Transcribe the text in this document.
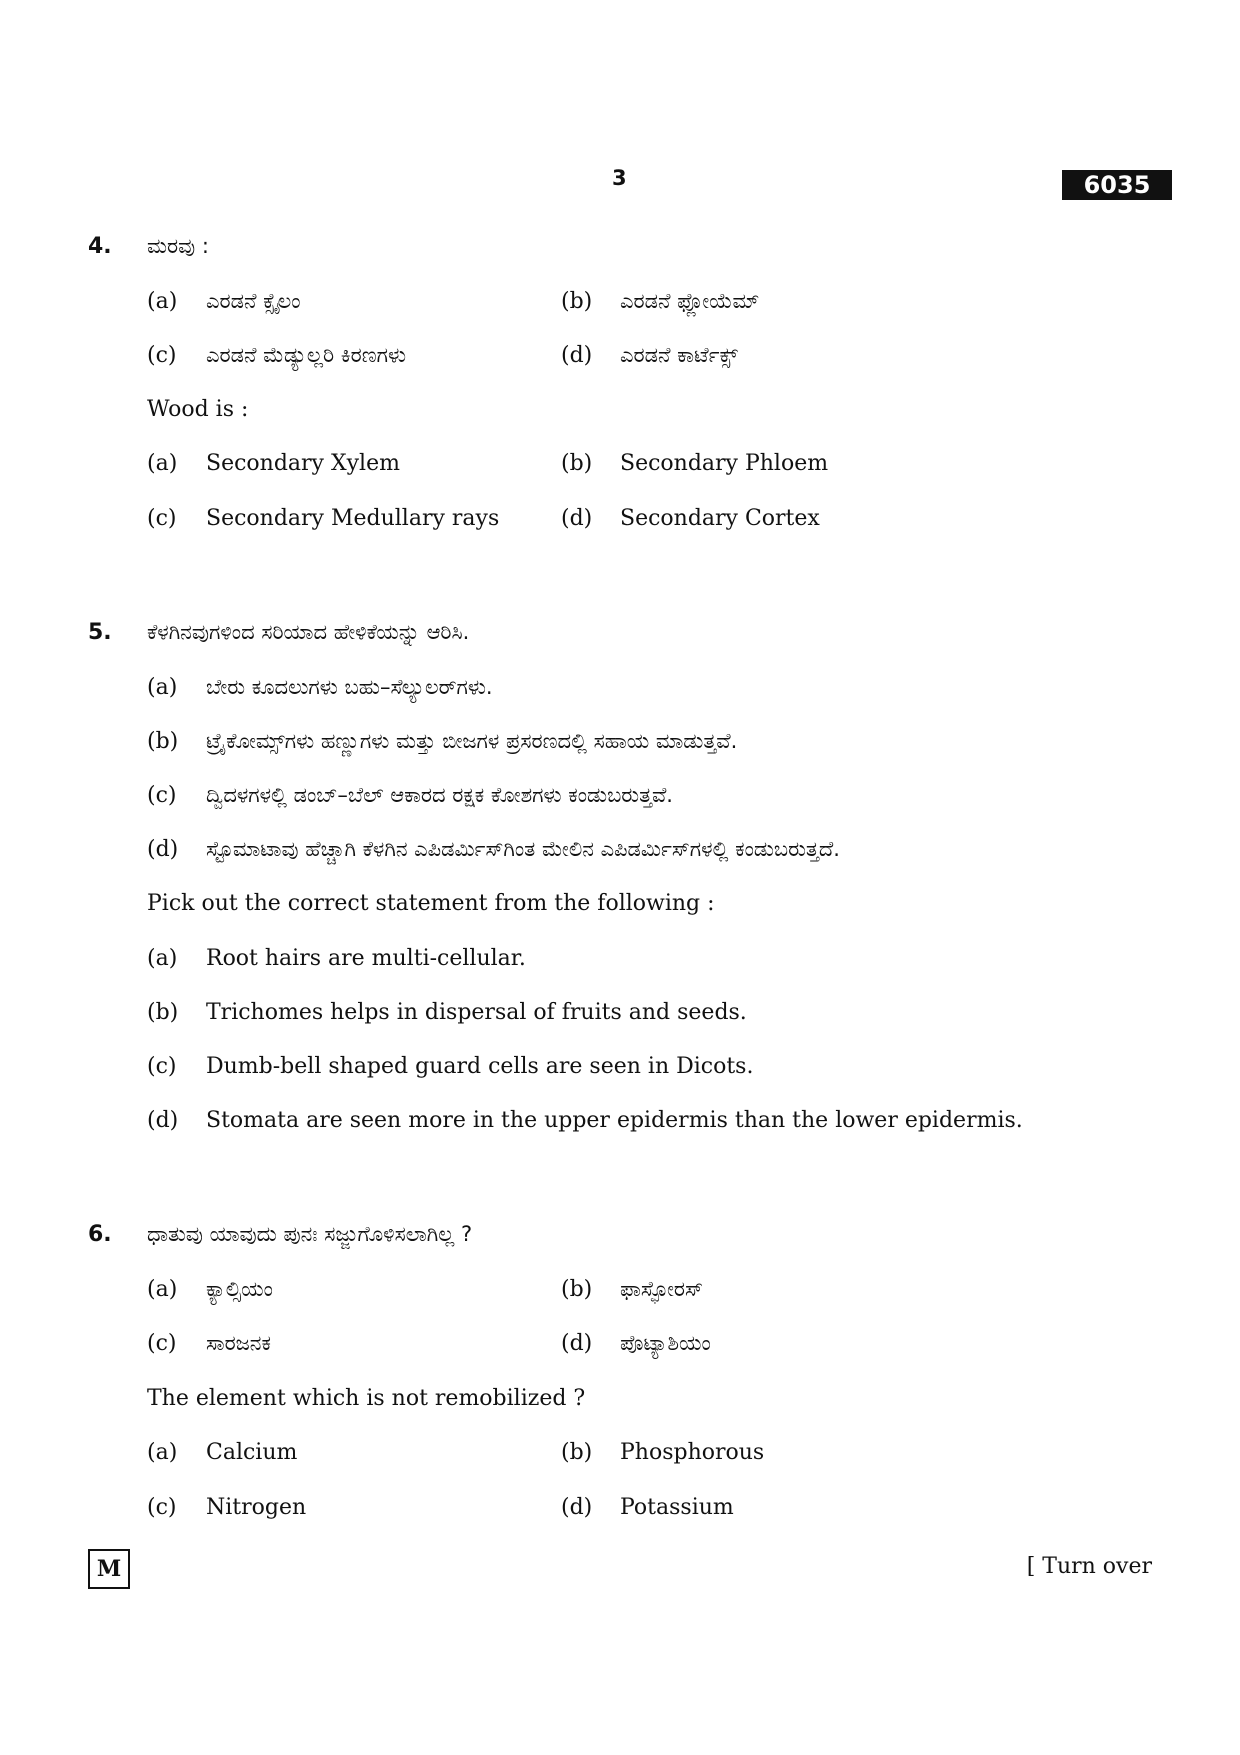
3	6035
4. ಮರವು :
(a) ಎರಡನೆ ಕ್ಸೈಲಂ	(b) ಎರಡನೆ ಫ್ಲೋಯೆಮ್
(c) ಎರಡನೆ ಮೆಡ್ಯುಲ್ಲರಿ ಕಿರಣಗಳು	(d) ಎರಡನೆ ಕಾರ್ಟೆಕ್ಸ್
Wood is :
(a) Secondary Xylem	(b) Secondary Phloem
(c) Secondary Medullary rays	(d) Secondary Cortex
5. ಕೆಳಗಿನವುಗಳಿಂದ ಸರಿಯಾದ ಹೇಳಿಕೆಯನ್ನು ಆರಿಸಿ.
(a) ಬೇರು ಕೂದಲುಗಳು ಬಹು–ಸೆಲ್ಯುಲರ್‌ಗಳು.
(b) ಟ್ರೈಕೋಮ್ಸ್‌ಗಳು ಹಣ್ಣುಗಳು ಮತ್ತು ಬೀಜಗಳ ಪ್ರಸರಣದಲ್ಲಿ ಸಹಾಯ ಮಾಡುತ್ತವೆ.
(c) ದ್ವಿದಳಗಳಲ್ಲಿ ಡಂಬ್–ಬೆಲ್ ಆಕಾರದ ರಕ್ಷಕ ಕೋಶಗಳು ಕಂಡುಬರುತ್ತವೆ.
(d) ಸ್ಟೊಮಾಟಾವು ಹೆಚ್ಚಾಗಿ ಕೆಳಗಿನ ಎಪಿಡರ್ಮಿಸ್‌ಗಿಂತ ಮೇಲಿನ ಎಪಿಡರ್ಮಿಸ್‌ಗಳಲ್ಲಿ ಕಂಡುಬರುತ್ತದೆ.
Pick out the correct statement from the following :
(a) Root hairs are multi-cellular.
(b) Trichomes helps in dispersal of fruits and seeds.
(c) Dumb-bell shaped guard cells are seen in Dicots.
(d) Stomata are seen more in the upper epidermis than the lower epidermis.
6. ಧಾತುವು ಯಾವುದು ಪುನಃ ಸಜ್ಜುಗೊಳಿಸಲಾಗಿಲ್ಲ ?
(a) ಕ್ಯಾಲ್ಸಿಯಂ	(b) ಫಾಸ್ಫೋರಸ್
(c) ಸಾರಜನಕ	(d) ಪೊಟ್ಯಾಶಿಯಂ
The element which is not remobilized ?
(a) Calcium	(b) Phosphorous
(c) Nitrogen	(d) Potassium
M	[ Turn over
